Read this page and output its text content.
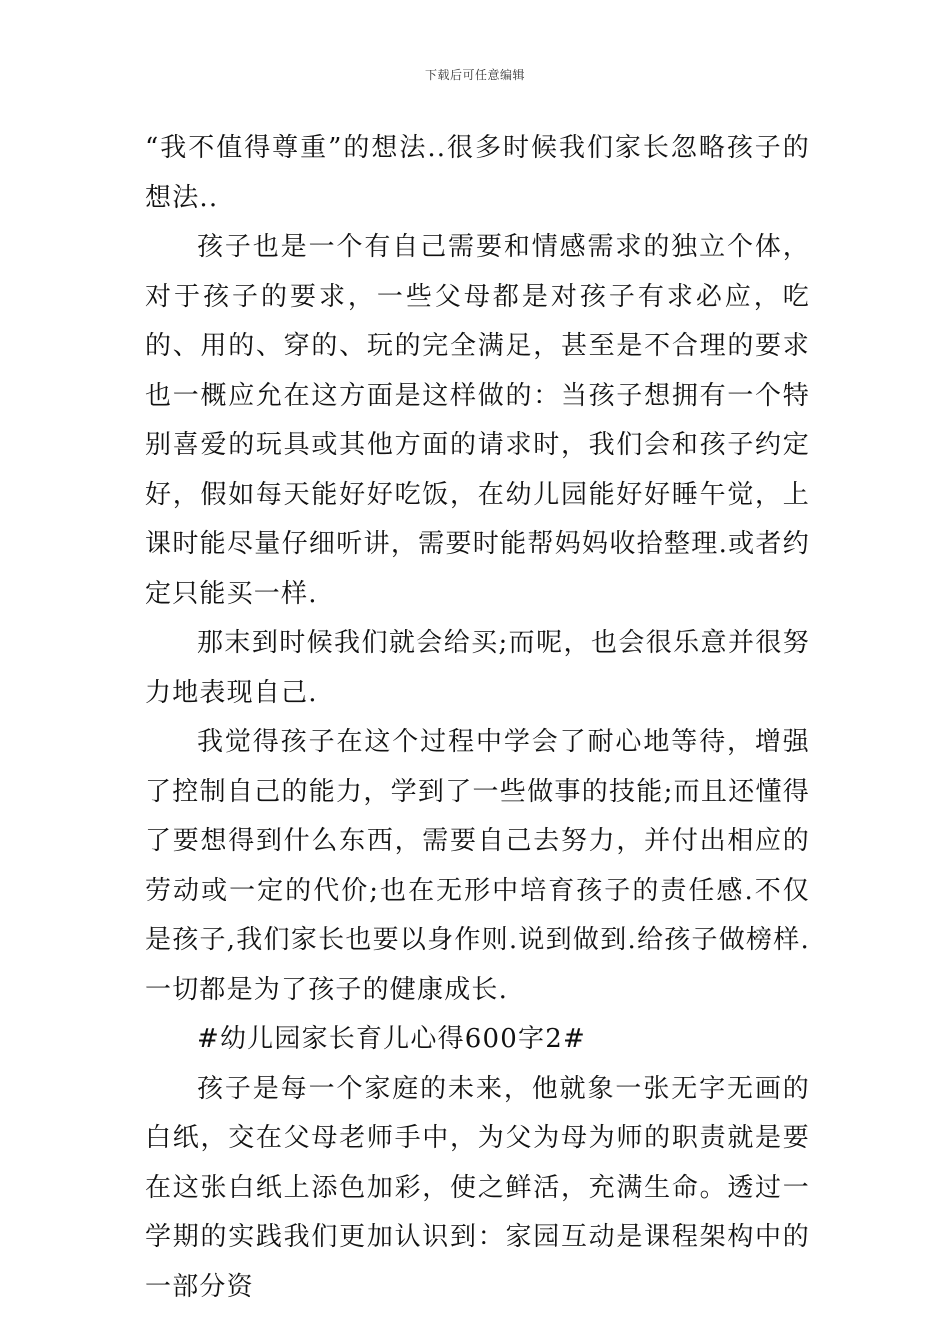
下载后可任意编辑

“我不值得尊重”的想法..很多时候我们家长忽略孩子的想法..

孩子也是一个有自己需要和情感需求的独立个体，对于孩子的要求，一些父母都是对孩子有求必应，吃的、用的、穿的、玩的完全满足，甚至是不合理的要求也一概应允在这方面是这样做的：当孩子想拥有一个特别喜爱的玩具或其他方面的请求时，我们会和孩子约定好，假如每天能好好吃饭，在幼儿园能好好睡午觉，上课时能尽量仔细听讲，需要时能帮妈妈收拾整理.或者约定只能买一样.

那末到时候我们就会给买;而呢，也会很乐意并很努力地表现自己.

我觉得孩子在这个过程中学会了耐心地等待，增强了控制自己的能力，学到了一些做事的技能;而且还懂得了要想得到什么东西，需要自己去努力，并付出相应的劳动或一定的代价;也在无形中培育孩子的责任感.不仅是孩子,我们家长也要以身作则.说到做到.给孩子做榜样.一切都是为了孩子的健康成长.

#幼儿园家长育儿心得600字2#

孩子是每一个家庭的未来，他就象一张无字无画的白纸，交在父母老师手中，为父为母为师的职责就是要在这张白纸上添色加彩，使之鲜活，充满生命。透过一学期的实践我们更加认识到：家园互动是课程架构中的一部分资
